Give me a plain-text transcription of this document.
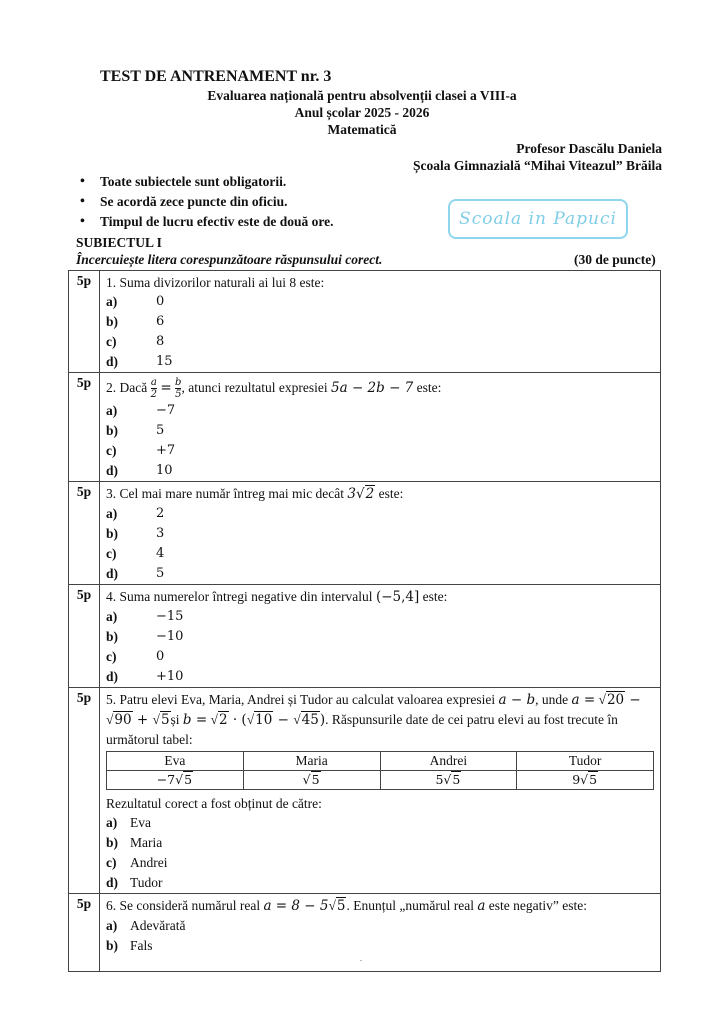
TEST DE ANTRENAMENT nr. 3
Evaluarea națională pentru absolvenții clasei a VIII-a
Anul școlar 2025 - 2026
Matematică
Profesor Dascălu Daniela
Școala Gimnazială “Mihai Viteazul” Brăila
• Toate subiectele sunt obligatorii.
• Se acordă zece puncte din oficiu.
• Timpul de lucru efectiv este de două ore.	Scoala in Papuci
SUBIECTUL I
Încercuiește litera corespunzătoare răspunsului corect.	(30 de puncte)
5p	1. Suma divizorilor naturali ai lui 8 este:
a)	0
b)	6
c)	8
d)	15

5p	2. Dacă $\frac{a}{2} = \frac{b}{5}$ , atunci rezultatul expresiei 5a − 2b − 7 este:
a)	−7
b)	5
c)	+7
d)	10

5p	3. Cel mai mare număr întreg mai mic decât 3√2 este:
a)	2
b)	3
c)	4
d)	5

5p	4. Suma numerelor întregi negative din intervalul (−5,4] este:
a)	−15
b)	−10
c)	0
d)	+10

5p	5. Patru elevi Eva, Maria, Andrei și Tudor au calculat valoarea expresiei a − b, unde a = √20 − √90 + √5și b = √2 · (√10 − √45). Răspunsurile date de cei patru elevi au fost trecute în următorul tabel:
Eva	Maria	Andrei	Tudor
−7√5	√5	5√5	9√5
Rezultatul corect a fost obținut de către:
a) Eva
b) Maria
c)	Andrei
d) Tudor

5p	6. Se consideră numărul real a = 8 − 5√5. Enunțul „numărul real a este negativ” este:
a) Adevărată
b) Fals
